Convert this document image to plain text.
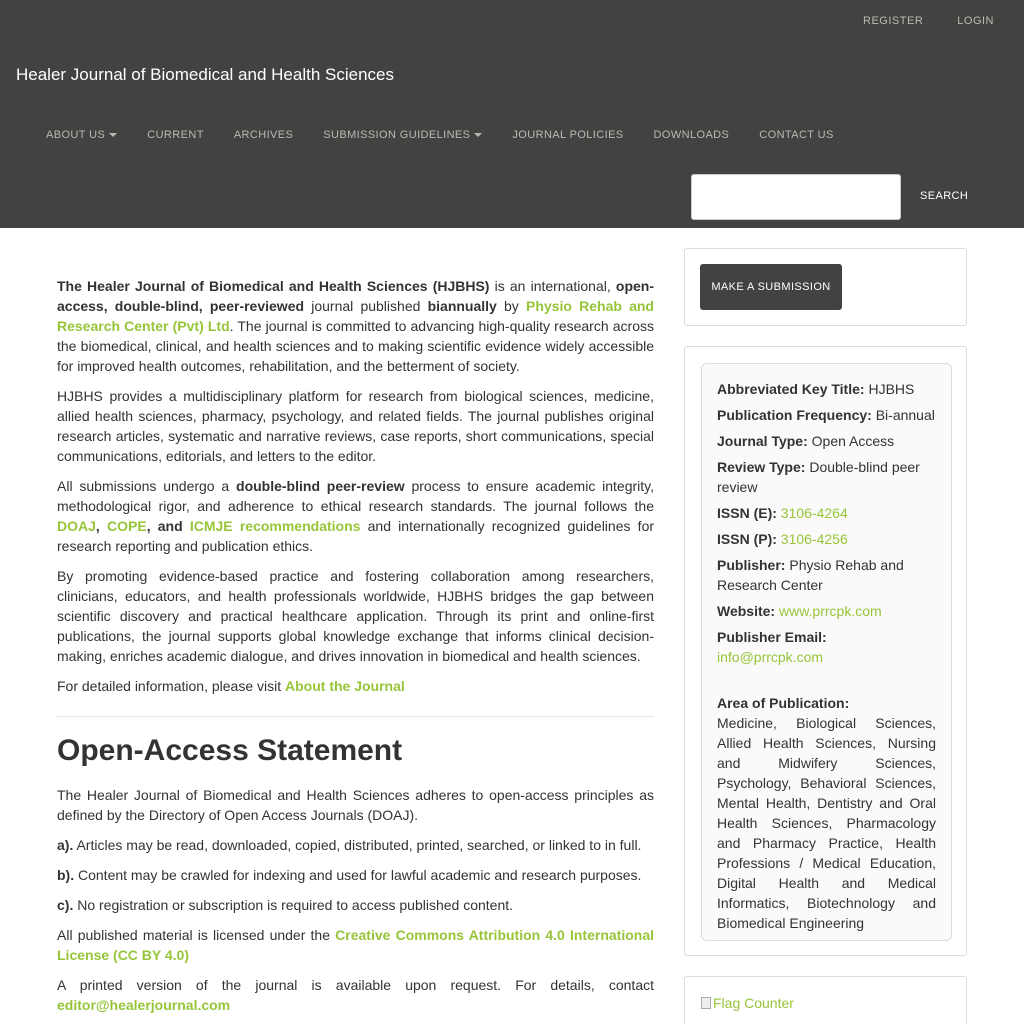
REGISTER	LOGIN
Healer Journal of Biomedical and Health Sciences
ABOUT US	CURRENT	ARCHIVES	SUBMISSION GUIDELINES	JOURNAL POLICIES	DOWNLOADS	CONTACT US
SEARCH

The Healer Journal of Biomedical and Health Sciences (HJBHS) is an international, open-access, double-blind, peer-reviewed journal published biannually by Physio Rehab and Research Center (Pvt) Ltd. The journal is committed to advancing high-quality research across the biomedical, clinical, and health sciences and to making scientific evidence widely accessible for improved health outcomes, rehabilitation, and the betterment of society.

HJBHS provides a multidisciplinary platform for research from biological sciences, medicine, allied health sciences, pharmacy, psychology, and related fields. The journal publishes original research articles, systematic and narrative reviews, case reports, short communications, special communications, editorials, and letters to the editor.

All submissions undergo a double-blind peer-review process to ensure academic integrity, methodological rigor, and adherence to ethical research standards. The journal follows the DOAJ, COPE, and ICMJE recommendations and internationally recognized guidelines for research reporting and publication ethics.

By promoting evidence-based practice and fostering collaboration among researchers, clinicians, educators, and health professionals worldwide, HJBHS bridges the gap between scientific discovery and practical healthcare application. Through its print and online-first publications, the journal supports global knowledge exchange that informs clinical decision-making, enriches academic dialogue, and drives innovation in biomedical and health sciences.

For detailed information, please visit About the Journal

Open-Access Statement

The Healer Journal of Biomedical and Health Sciences adheres to open-access principles as defined by the Directory of Open Access Journals (DOAJ).

a). Articles may be read, downloaded, copied, distributed, printed, searched, or linked to in full.

b). Content may be crawled for indexing and used for lawful academic and research purposes.

c). No registration or subscription is required to access published content.

All published material is licensed under the Creative Commons Attribution 4.0 International License (CC BY 4.0)

A printed version of the journal is available upon request. For details, contact editor@healerjournal.com

MAKE A SUBMISSION
Abbreviated Key Title: HJBHS
Publication Frequency: Bi-annual
Journal Type: Open Access
Review Type: Double-blind peer review
ISSN (E): 3106-4264
ISSN (P): 3106-4256
Publisher: Physio Rehab and Research Center
Website: www.prrcpk.com
Publisher Email: info@prrcpk.com
Area of Publication:
Medicine, Biological Sciences, Allied Health Sciences, Nursing and Midwifery Sciences, Psychology, Behavioral Sciences, Mental Health, Dentistry and Oral Health Sciences, Pharmacology and Pharmacy Practice, Health Professions / Medical Education, Digital Health and Medical Informatics, Biotechnology and Biomedical Engineering
Flag Counter
